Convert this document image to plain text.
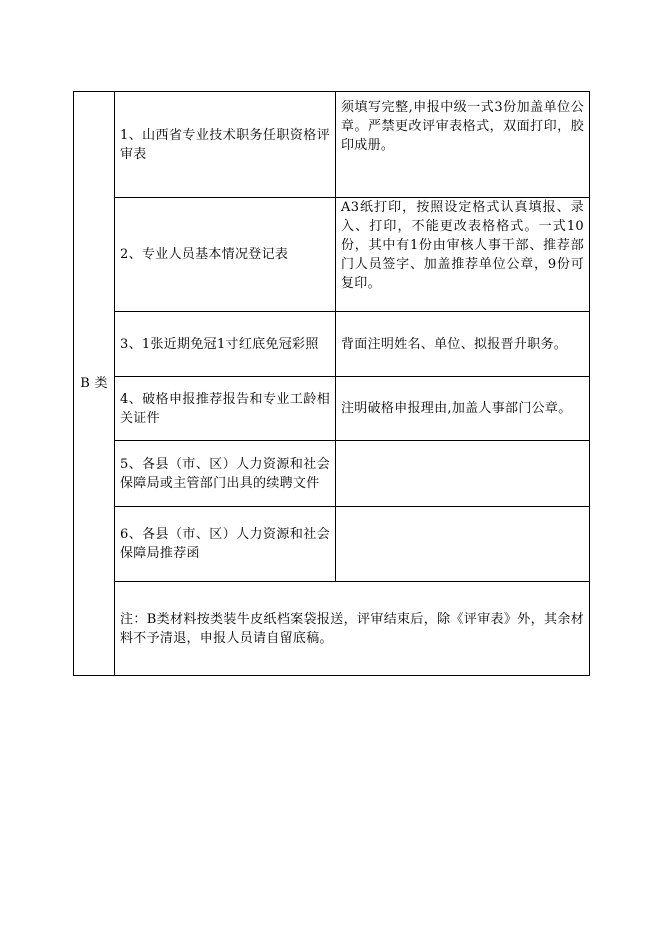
B 类	1、山西省专业技术职务任职资格评审表	须填写完整,申报中级一式3份加盖单位公章。严禁更改评审表格式，双面打印，胶印成册。
	2、专业人员基本情况登记表	A3纸打印，按照设定格式认真填报、录入、打印，不能更改表格格式。一式10份，其中有1份由审核人事干部、推荐部门人员签字、加盖推荐单位公章，9份可复印。
	3、1张近期免冠1寸红底免冠彩照	背面注明姓名、单位、拟报晋升职务。
	4、破格申报推荐报告和专业工龄相关证件	注明破格申报理由,加盖人事部门公章。
	5、各县（市、区）人力资源和社会保障局或主管部门出具的续聘文件	
	6、各县（市、区）人力资源和社会保障局推荐函	
	注：B类材料按类装牛皮纸档案袋报送，评审结束后，除《评审表》外，其余材料不予清退，申报人员请自留底稿。	
